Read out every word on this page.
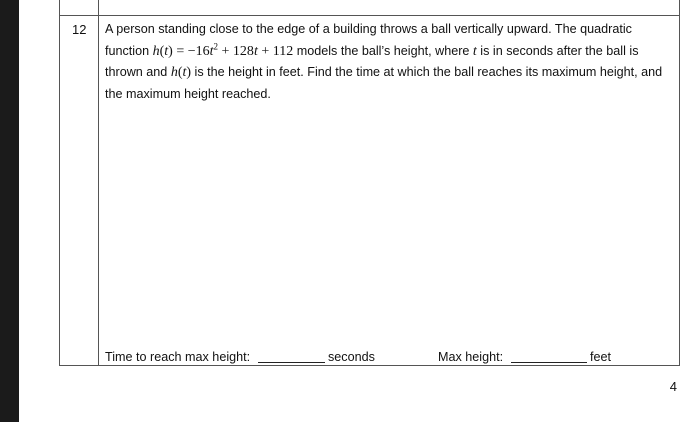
12 A person standing close to the edge of a building throws a ball vertically upward. The quadratic function $h(t) = -16t^2 + 128t + 112$ models the ball’s height, where t is in seconds after the ball is thrown and h(t) is the height in feet. Find the time at which the ball reaches its maximum height, and the maximum height reached.
Time to reach max height:	seconds	Max height:	feet
4
